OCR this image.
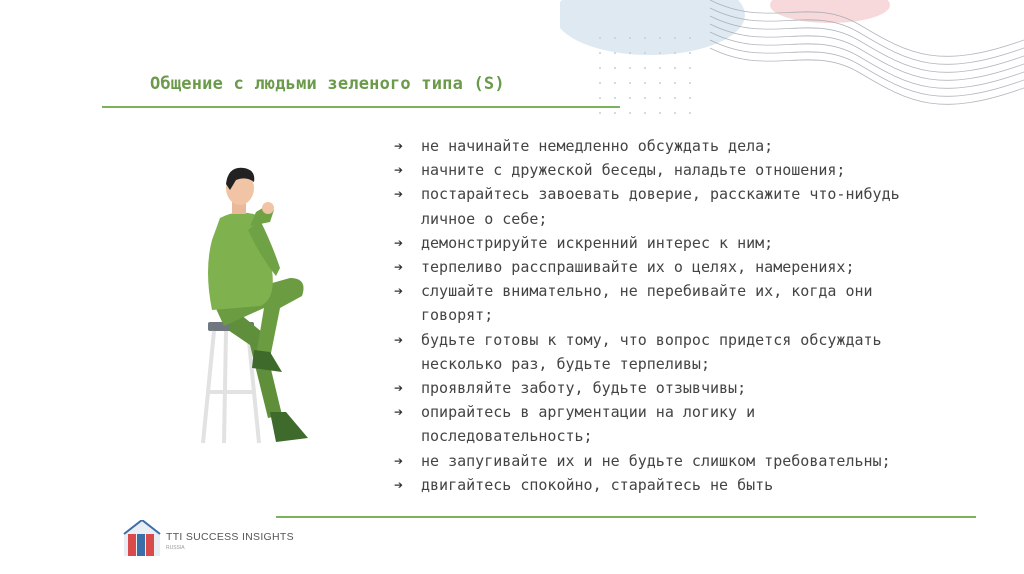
Общение с людьми зеленого типа (S)
➔ не начинайте немедленно обсуждать дела;
➔ начните с дружеской беседы, наладьте отношения;
➔ постарайтесь завоевать доверие, расскажите что-нибудь личное о себе;
➔ демонстрируйте искренний интерес к ним;
➔ терпеливо расспрашивайте их о целях, намерениях;
➔ слушайте внимательно, не перебивайте их, когда они говорят;
➔ будьте готовы к тому, что вопрос придется обсуждать несколько раз, будьте терпеливы;
➔ проявляйте заботу, будьте отзывчивы;
➔ опирайтесь в аргументации на логику и последовательность;
➔ не запугивайте их и не будьте слишком требовательны;
➔ двигайтесь спокойно, старайтесь не быть
TTI SUCCESS INSIGHTS
RUSSIA
